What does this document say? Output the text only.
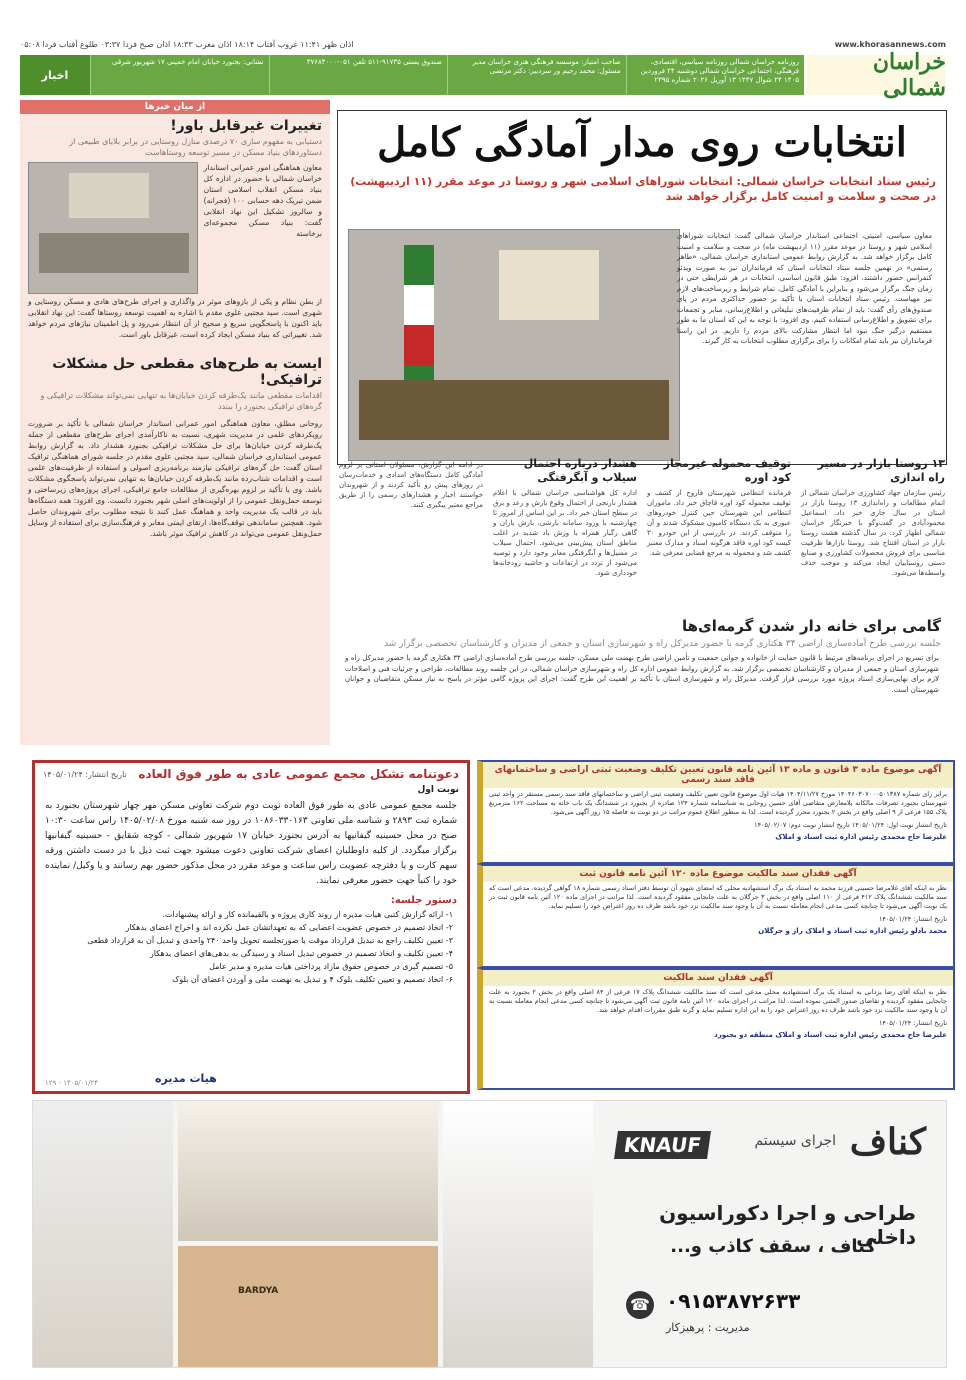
اذان ظهر ۱۱:۴۱ غروب آفتاب ۱۸:۱۴ اذان مغرب ۱۸:۳۳ اذان صبح فردا ۰۳:۳۷ طلوع آفتاب فردا ۰۵:۰۸	www.khorasannews.com
خراسان شمالی
روزنامه خراسان شمالی روزنامه سیاسی، اقتصادی، فرهنگی، اجتماعی خراسان شمالی دوشنبه ۲۴ فروردین ۱۴۰۵ ۲۴ شوال ۱۴۴۷ ۱۳ آوریل ۲۰۲۶ شماره ۲۳۹۵
صاحب امتیاز: موسسه فرهنگی هنری خراسان مدیر مسئول: محمد رحیم ور سردبیر: دکتر مرتضی
صندوق پستی ۹۱۷۳۵-۵۱۱ تلفن ۰۵۱-۳۷۶۸۴۰۰۰
نشانی: بجنورد خیابان امام خمینی ۱۷ شهریور شرقی
اخبار
از میان خبرها
تغییرات غیرقابل باور!
دستیابی به مفهوم سازی ۷۰ درصدی منازل روستایی در برابر بلایای طبیعی از دستاوردهای بنیاد مسکن در مسیر توسعه روستاهاست
معاون هماهنگی امور عمرانی استاندار خراسان شمالی با حضور در اداره کل بنیاد مسکن انقلاب اسلامی استان ضمن تبریک دهه حسابی ۱۰۰ (فجرانه) و سالروز تشکیل این نهاد انقلابی گفت: بنیاد مسکن مجموعه‌ای برخاسته
از بطن نظام و یکی از بازوهای موثر در واگذاری و اجرای طرح‌های هادی و مسکن روستایی و شهری است. سید مجتبی علوی مقدم با اشاره به اهمیت توسعه روستاها گفت: این نهاد انقلابی باید اکنون با پاسخگویی سریع و صحیح از آن انتظار می‌رود و پل اطمینان نیازهای مردم خواهد شد. تغییراتی که بنیاد مسکن ایجاد کرده است، غیرقابل باور است.
ایست به طرح‌های مقطعی حل مشکلات ترافیکی!
اقدامات مقطعی مانند یک‌طرفه کردن خیابان‌ها به تنهایی نمی‌تواند مشکلات ترافیکی و گره‌های ترافیکی بجنورد را ببندد
روحانی مطلق، معاون هماهنگی امور عمرانی استاندار خراسان شمالی با تأکید بر ضرورت رویکردهای علمی در مدیریت شهری، نسبت به ناکارآمدی اجرای طرح‌های مقطعی از جمله یک‌طرفه کردن خیابان‌ها برای حل مشکلات ترافیکی بجنورد هشدار داد. به گزارش روابط عمومی استانداری خراسان شمالی، سید مجتبی علوی مقدم در جلسه شورای هماهنگی ترافیک استان گفت: حل گره‌های ترافیکی نیازمند برنامه‌ریزی اصولی و استفاده از ظرفیت‌های علمی است و اقدامات شتاب‌زده مانند یک‌طرفه کردن خیابان‌ها به تنهایی نمی‌تواند پاسخگوی مشکلات باشد. وی با تأکید بر لزوم بهره‌گیری از مطالعات جامع ترافیکی، اجرای پروژه‌های زیرساختی و توسعه حمل‌ونقل عمومی را از اولویت‌های اصلی شهر بجنورد دانست. وی افزود: همه دستگاه‌ها باید در قالب یک مدیریت واحد و هماهنگ عمل کنند تا نتیجه مطلوب برای شهروندان حاصل شود. همچنین ساماندهی توقف‌گاه‌ها، ارتقای ایمنی معابر و فرهنگ‌سازی برای استفاده از وسایل حمل‌ونقل عمومی می‌تواند در کاهش ترافیک موثر باشد.
انتخابات روی مدار آمادگی کامل
رئیس ستاد انتخابات خراسان شمالی: انتخابات شوراهای اسلامی شهر و روستا در موعد مقرر (۱۱ اردیبهشت) در صحت و سلامت و امنیت کامل برگزار خواهد شد
معاون سیاسی، امنیتی، اجتماعی استاندار خراسان شمالی گفت: انتخابات شوراهای اسلامی شهر و روستا در موعد مقرر (۱۱ اردیبهشت ماه) در صحت و سلامت و امنیت کامل برگزار خواهد شد. به گزارش روابط عمومی استانداری خراسان شمالی، «طاهر رستمی» در نهمین جلسه ستاد انتخابات استان که فرمانداران نیز به صورت ویدئو کنفرانس حضور داشتند، افزود: طبق قانون اساسی، انتخابات در هر شرایطی حتی در زمان جنگ برگزار می‌شود و بنابراین با آمادگی کامل، تمام شرایط و زیرساخت‌های لازم نیز مهیاست. رئیس ستاد انتخابات استان با تأکید بر حضور حداکثری مردم در پای صندوق‌های رأی گفت: باید از تمام ظرفیت‌های تبلیغاتی و اطلاع‌رسانی، منابر و تجمعات برای تشویق و اطلاع‌رسانی استفاده کنیم. وی افزود: با توجه به این که استان ما به طور مستقیم درگیر جنگ نبود اما انتظار مشارکت بالای مردم را داریم. در این راستا فرمانداران نیز باید تمام امکانات را برای برگزاری مطلوب انتخابات به کار گیرند.
۱۳ روستا بازار در مسیر راه اندازی

رئیس سازمان جهاد کشاورزی خراسان شمالی از اتمام مطالعات و راه‌اندازی ۱۳ روستا بازار در استان در سال جاری خبر داد. اسماعیل محمودآبادی در گفت‌وگو با خبرنگار خراسان شمالی اظهار کرد: در سال گذشته هشت روستا بازار در استان افتتاح شد. روستا بازارها ظرفیت مناسبی برای فروش محصولات کشاورزی و صنایع دستی روستاییان ایجاد می‌کند و موجب حذف واسطه‌ها می‌شود.

توقیف محموله غیرمجاز کود اوره

فرمانده انتظامی شهرستان فاروج از کشف و توقیف محموله کود اوره قاچاق خبر داد. ماموران انتظامی این شهرستان حین کنترل خودروهای عبوری به یک دستگاه کامیون مشکوک شدند و آن را متوقف کردند. در بازرسی از این خودرو ۳۰ کیسه کود اوره فاقد هرگونه اسناد و مدارک معتبر کشف شد و محموله به مرجع قضایی معرفی شد.

هشدار درباره احتمال سیلاب و آبگرفتگی

اداره کل هواشناسی خراسان شمالی با اعلام هشدار نارنجی از احتمال وقوع بارش و رعد و برق در سطح استان خبر داد. بر این اساس از امروز تا چهارشنبه با ورود سامانه بارشی، بارش باران و گاهی رگبار همراه با وزش باد شدید در اغلب مناطق استان پیش‌بینی می‌شود. احتمال سیلاب در مسیل‌ها و آبگرفتگی معابر وجود دارد و توصیه می‌شود از تردد در ارتفاعات و حاشیه رودخانه‌ها خودداری شود.

در ادامه این گزارش، مسئولان استانی بر لزوم آمادگی کامل دستگاه‌های امدادی و خدمات‌رسان در روزهای پیش رو تأکید کردند و از شهروندان خواستند اخبار و هشدارهای رسمی را از طریق مراجع معتبر پیگیری کنند.

گامی برای خانه دار شدن گرمه‌ای‌ها
جلسه بررسی طرح آماده‌سازی اراضی ۳۴ هکتاری گرمه با حضور مدیرکل راه و شهرسازی استان و جمعی از مدیران و کارشناسان تخصصی برگزار شد
برای تسریع در اجرای برنامه‌های مرتبط با قانون حمایت از خانواده و جوانی جمعیت و تأمین اراضی طرح نهضت ملی مسکن، جلسه بررسی طرح آماده‌سازی اراضی ۳۴ هکتاری گرمه با حضور مدیرکل راه و شهرسازی استان و جمعی از مدیران و کارشناسان تخصصی برگزار شد. به گزارش روابط عمومی اداره کل راه و شهرسازی خراسان شمالی، در این جلسه روند مطالعات، طراحی و جزئیات فنی و اصلاحات لازم برای نهایی‌سازی اسناد پروژه مورد بررسی قرار گرفت. مدیرکل راه و شهرسازی استان با تأکید بر اهمیت این طرح گفت: اجرای این پروژه گامی مؤثر در پاسخ به نیاز مسکن متقاضیان و جوانان شهرستان است.
دعوتنامه تشکل مجمع عمومی عادی به طور فوق العاده
تاریخ انتشار: ۱۴۰۵/۰۱/۲۴
نوبت اول
جلسه مجمع عمومی عادی به طور فوق العاده نوبت دوم شرکت تعاونی مسکن مهر چهار شهرستان بجنورد به شماره ثبت ۲۸۹۳ و شناسه ملی تعاونی ۱۰۸۶۰۳۳۰۱۶۳ در روز سه شنبه مورخ ۱۴۰۵/۰۲/۰۸ راس ساعت ۱۰:۳۰ صبح در محل حسینیه گیفانیها به آدرس بجنورد خیابان ۱۷ شهریور شمالی - کوچه شقایق - حسینیه گیفانیها برگزار میگردد. از کلیه داوطلبان اعضای شرکت تعاونی دعوت میشود جهت ثبت ذیل با در دست داشتن ورقه سهم کارت و یا دفترچه عضویت راس ساعت و موعد مقرر در محل مذکور حضور بهم رسانند و یا وکیل/ نماینده خود را کتباً جهت حضور معرفی نمایند.
دستور جلسه:
۱- ارائه گزارش کتبی هیات مدیره از روند کاری پروژه و بالقیمانده کار و ارائه پیشنهادات.
۲- اتخاذ تصمیم در خصوص عضویت اعضایی که به تعهداتشان عمل نکرده اند و اخراج اعضای بدهکار
۳- تعیین تکلیف راجع به تبدیل قرارداد موقت یا صورتجلسه تحویل واحد ۲۴۰ واحدی و تبدیل آن به قرارداد قطعی
۴- تعیین تکلیف و اتخاذ تصمیم در خصوص تبدیل اسناد و رسیدگی به بدهی‌های اعضای بدهکار
۵- تصمیم گیری در خصوص حقوق مازاد پرداختی هیات مدیره و مدیر عامل
۶- اتخاذ تصمیم و تعیین تکلیف بلوک ۴ و تبدیل به نهضت ملی و آوردن اعضای آن بلوک
۱۴۰۵/۰۱/۲۴ - ۱۲۹	هیات مدیره
آگهی موضوع ماده ۳ قانون و ماده ۱۳ آئین نامه قانون تعیین تکلیف وضعیت ثبتی اراضی و ساختمانهای فاقد سند رسمی

برابر رای شماره ۱۴۰۴۶۰۳۰۷۰۰۰۵۰۱۳۸۷ مورخ ۱۴۰۴/۱۱/۲۷ هیات اول موضوع قانون تعیین تکلیف وضعیت ثبتی اراضی و ساختمانهای فاقد سند رسمی مستقر در واحد ثبتی شهرستان بجنورد تصرفات مالکانه بلامعارض متقاضی آقای حسین روحانی به شناسنامه شماره ۱۲۴ صادره از بجنورد در ششدانگ یک باب خانه به مساحت ۱۶۲ مترمربع پلاک ۱۵۵ فرعی از ۹ اصلی واقع در بخش ۲ بجنورد محرز گردیده است. لذا به منظور اطلاع عموم مراتب در دو نوبت به فاصله ۱۵ روز آگهی می‌شود.

تاریخ انتشار نوبت اول: ۱۴۰۵/۰۱/۲۴ تاریخ انتشار نوبت دوم: ۱۴۰۵/۰۲/۰۷

عليرضا حاج محمدی رئيس اداره ثبت اسناد و املاک
آگهی فقدان سند مالکیت موضوع ماده ۱۲۰ آئین نامه قانون ثبت

نظر به اینکه آقای غلامرضا حسینی فرزند محمد به استناد یک برگ استشهادیه محلی که امضای شهود آن توسط دفتر اسناد رسمی شماره ۱۸ گواهی گردیده، مدعی است که سند مالکیت ششدانگ پلاک ۴۱۲ فرعی از ۱۱۰ اصلی واقع در بخش ۳ جرگلان به علت جابجایی مفقود گردیده است. لذا مراتب در اجرای ماده ۱۲۰ آئین نامه قانون ثبت در یک نوبت آگهی می‌شود تا چنانچه کسی مدعی انجام معامله نسبت به آن یا وجود سند مالکیت نزد خود باشد ظرف ده روز اعتراض خود را تسلیم نماید.

تاریخ انتشار: ۱۴۰۵/۰۱/۲۴

محمد بادلو رئیس اداره ثبت اسناد و املاک راز و جرگلان
آگهی فقدان سند مالکیت

نظر به اینکه آقای رضا یزدانی به استناد یک برگ استشهادیه محلی مدعی است که سند مالکیت ششدانگ پلاک ۱۷ فرعی از ۸۴ اصلی واقع در بخش ۲ بجنورد به علت جابجایی مفقود گردیده و تقاضای صدور المثنی نموده است. لذا مراتب در اجرای ماده ۱۲۰ آئین نامه قانون ثبت آگهی می‌شود تا چنانچه کسی مدعی انجام معامله نسبت به آن یا وجود سند مالکیت نزد خود باشد ظرف ده روز اعتراض خود را به این اداره تسلیم نماید و گرنه طبق مقررات اقدام خواهد شد.

تاریخ انتشار: ۱۴۰۵/۰۱/۲۴

عليرضا حاج محمدی رئيس اداره ثبت اسناد و املاک منطقه دو بجنورد
BARDYA
کناف
KNAUF	اجرای سیستم
طراحی و اجرا دکوراسیون داخلی
کناف ، سقف کاذب و...
☎ ۰۹۱۵۳۸۷۲۶۳۳
مدیریت : پرهیزکار
